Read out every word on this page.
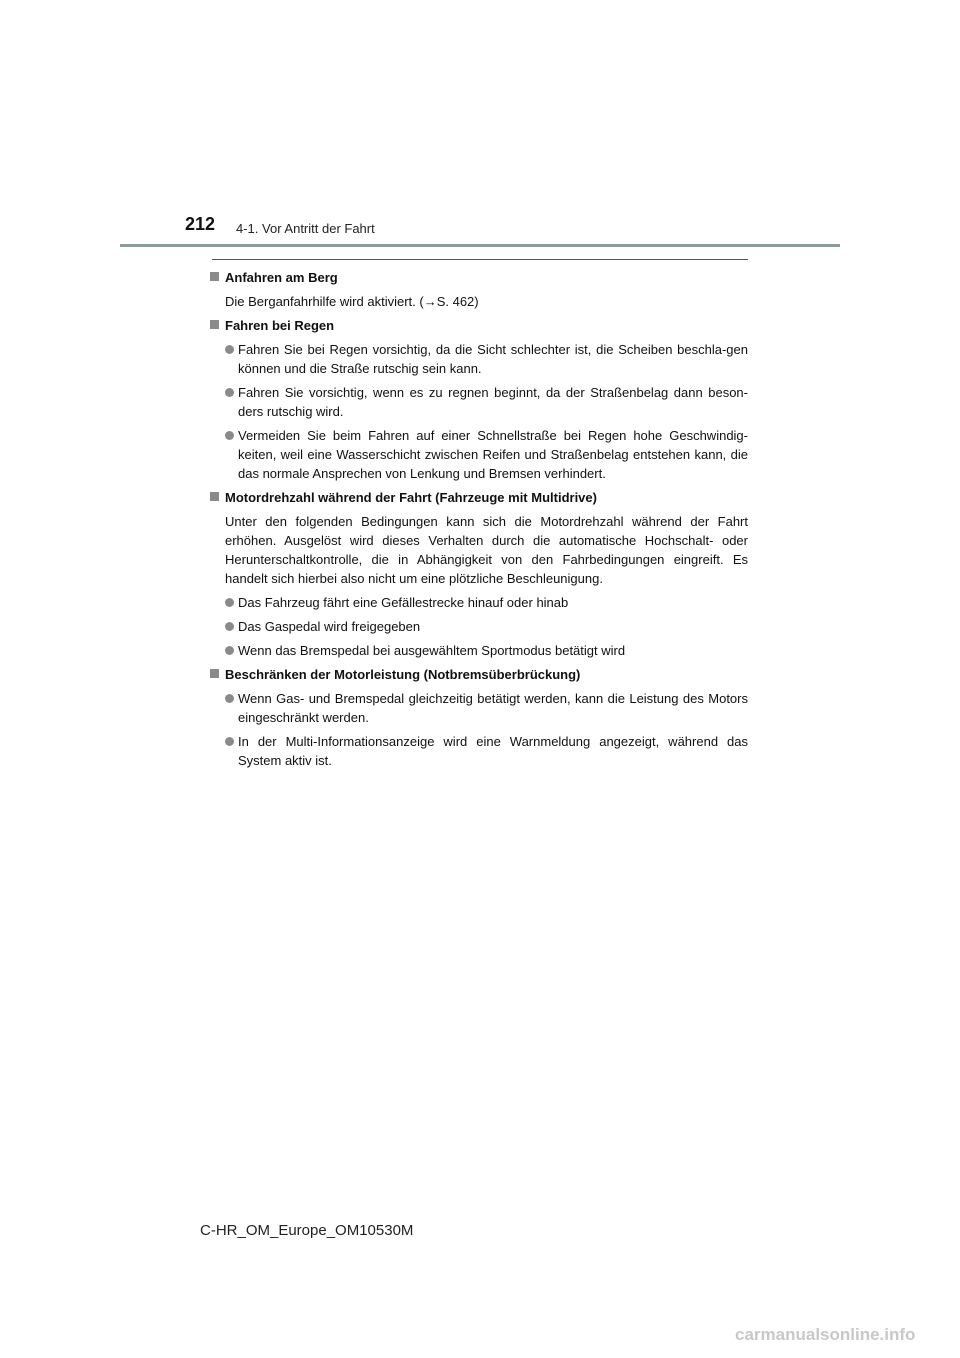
212 4-1. Vor Antritt der Fahrt
Anfahren am Berg
Die Berganfahrhilfe wird aktiviert. (→S. 462)
Fahren bei Regen
Fahren Sie bei Regen vorsichtig, da die Sicht schlechter ist, die Scheiben beschla-gen können und die Straße rutschig sein kann.
Fahren Sie vorsichtig, wenn es zu regnen beginnt, da der Straßenbelag dann beson-ders rutschig wird.
Vermeiden Sie beim Fahren auf einer Schnellstraße bei Regen hohe Geschwindig-keiten, weil eine Wasserschicht zwischen Reifen und Straßenbelag entstehen kann, die das normale Ansprechen von Lenkung und Bremsen verhindert.
Motordrehzahl während der Fahrt (Fahrzeuge mit Multidrive)
Unter den folgenden Bedingungen kann sich die Motordrehzahl während der Fahrt erhöhen. Ausgelöst wird dieses Verhalten durch die automatische Hochschalt- oder Herunterschaltkontrolle, die in Abhängigkeit von den Fahrbedingungen eingreift. Es handelt sich hierbei also nicht um eine plötzliche Beschleunigung.
Das Fahrzeug fährt eine Gefällestrecke hinauf oder hinab
Das Gaspedal wird freigegeben
Wenn das Bremspedal bei ausgewähltem Sportmodus betätigt wird
Beschränken der Motorleistung (Notbremsüberbrückung)
Wenn Gas- und Bremspedal gleichzeitig betätigt werden, kann die Leistung des Motors eingeschränkt werden.
In der Multi-Informationsanzeige wird eine Warnmeldung angezeigt, während das System aktiv ist.
C-HR_OM_Europe_OM10530M
carmanualsonline.info
